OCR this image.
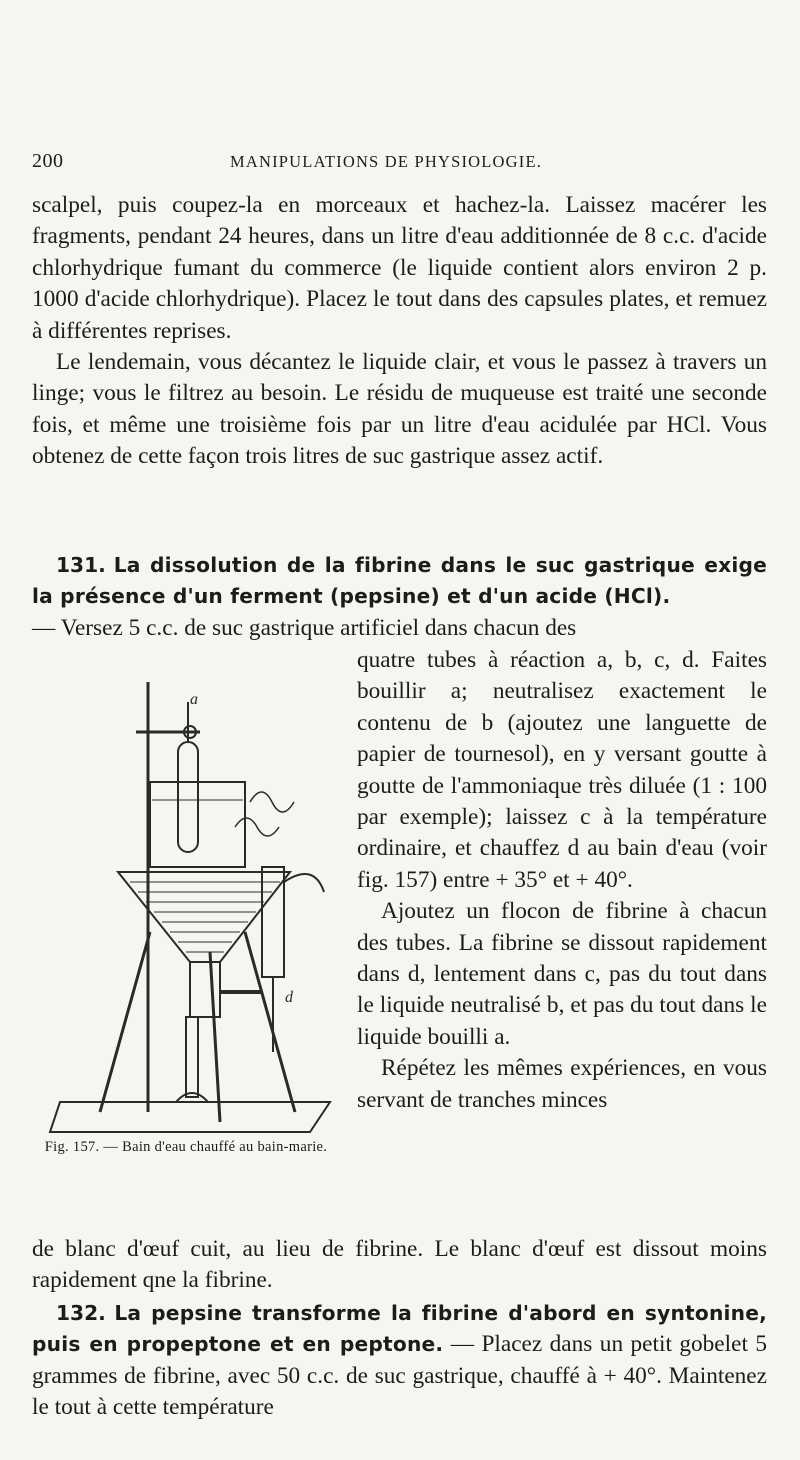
200	MANIPULATIONS DE PHYSIOLOGIE.

scalpel, puis coupez-la en morceaux et hachez-la. Laissez macérer les fragments, pendant 24 heures, dans un litre d'eau additionnée de 8 c.c. d'acide chlorhydrique fumant du commerce (le liquide contient alors environ 2 p. 1000 d'acide chlorhydrique). Placez le tout dans des capsules plates, et remuez à différentes reprises.

Le lendemain, vous décantez le liquide clair, et vous le passez à travers un linge; vous le filtrez au besoin. Le résidu de muqueuse est traité une seconde fois, et même une troisième fois par un litre d'eau acidulée par HCl. Vous obtenez de cette façon trois litres de suc gastrique assez actif.

131. La dissolution de la fibrine dans le suc gastrique exige la présence d'un ferment (pepsine) et d'un acide (HCl).

— Versez 5 c.c. de suc gastrique artificiel dans chacun des

quatre tubes à réaction a, b, c, d. Faites bouillir a; neutralisez exactement le contenu de b (ajoutez une languette de papier de tournesol), en y versant goutte à goutte de l'ammoniaque très diluée (1 : 100 par exemple); laissez c à la température ordinaire, et chauffez d au bain d'eau (voir fig. 157) entre + 35° et + 40°.

Ajoutez un flocon de fibrine à chacun des tubes. La fibrine se dissout rapidement dans d, lentement dans c, pas du tout dans le liquide neutralisé b, et pas du tout dans le liquide bouilli a.

Répétez les mêmes expériences, en vous servant de tranches minces

de blanc d'œuf cuit, au lieu de fibrine. Le blanc d'œuf est dissout moins rapidement qne la fibrine.

132. La pepsine transforme la fibrine d'abord en syntonine, puis en propeptone et en peptone. — Placez dans un petit gobelet 5 grammes de fibrine, avec 50 c.c. de suc gastrique, chauffé à + 40°. Maintenez le tout à cette température

a
d
Fig. 157. — Bain d'eau chauffé au bain-marie.
